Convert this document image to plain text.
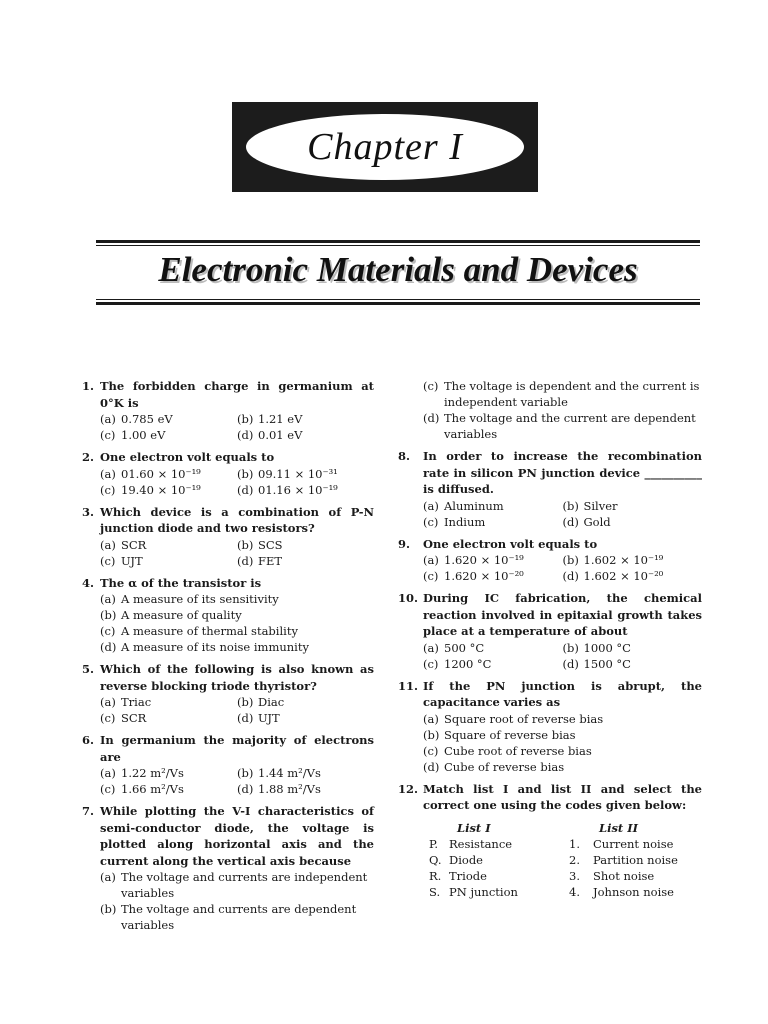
Chapter I
Electronic Materials and Devices
1. The forbidden charge in germanium at 0°K is
(a) 0.785 eV	(b) 1.21 eV
(c) 1.00 eV	(d) 0.01 eV
2. One electron volt equals to
(a) 01.60 × 10⁻¹⁹	(b) 09.11 × 10⁻³¹
(c) 19.40 × 10⁻¹⁹	(d) 01.16 × 10⁻¹⁹
3. Which device is a combination of P-N junction diode and two resistors?
(a) SCR	(b) SCS
(c) UJT	(d) FET
4. The α of the transistor is
(a) A measure of its sensitivity
(b) A measure of quality
(c) A measure of thermal stability
(d) A measure of its noise immunity
5. Which of the following is also known as reverse blocking triode thyristor?
(a) Triac	(b) Diac
(c) SCR	(d) UJT
6. In germanium the majority of electrons are
(a) 1.22 m²/Vs	(b) 1.44 m²/Vs
(c) 1.66 m²/Vs	(d) 1.88 m²/Vs
7. While plotting the V-I characteristics of semi-conductor diode, the voltage is plotted along horizontal axis and the current along the vertical axis because
(a) The voltage and currents are independent variables
(b) The voltage and currents are dependent variables
(c) The voltage is dependent and the current is independent variable
(d) The voltage and the current are dependent variables
8.	In order to increase the recombination rate in silicon PN junction device __________ is diffused.
(a) Aluminum	(b) Silver
(c) Indium	(d) Gold
9.	One electron volt equals to
(a) 1.620 × 10⁻¹⁹	(b) 1.602 × 10⁻¹⁹
(c) 1.620 × 10⁻²⁰	(d) 1.602 × 10⁻²⁰
10. During IC fabrication, the chemical reaction involved in epitaxial growth takes place at a temperature of about
(a) 500 °C	(b) 1000 °C
(c) 1200 °C	(d) 1500 °C
11. If the PN junction is abrupt, the capacitance varies as
(a) Square root of reverse bias
(b) Square of reverse bias
(c) Cube root of reverse bias
(d) Cube of reverse bias
12. Match list I and list II and select the correct one using the codes given below:
List I	List II
P. Resistance	1.	Current noise
Q. Diode	2.	Partition noise
R. Triode	3.	Shot noise
S. PN junction	4.	Johnson noise
